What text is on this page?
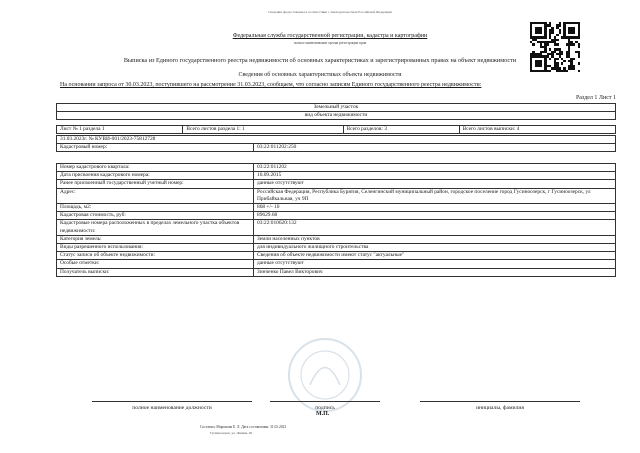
Сведения предоставлены в соответствии с законодательством Российской Федерации
Федеральная служба государственной регистрации, кадастра и картографии
полное наименование органа регистрации прав
Выписка из Единого государственного реестра недвижимости об основных характеристиках и зарегистрированных правах на объект недвижимости
Сведения об основных характеристиках объекта недвижимости
На основании запроса от 30.03.2023, поступившего на рассмотрение 31.03.2023, сообщаем, что согласно записям Единого государственного реестра недвижимости:
Раздел 1 Лист 1
Земельный участок
вид объекта недвижимости
Лист № 1 раздела 1	Всего листов раздела 1: 1	Всего разделов: 3	Всего листов выписки: 4
31.03.2023г. № КУВИ-001/2023-75812728
Кадастровый номер:	03:22:011202:250
Номер кадастрового квартала:	03:22:011202
Дата присвоения кадастрового номера:	16.09.2015
Ранее присвоенный государственный учетный номер:	данные отсутствуют
Адрес:	Российская Федерация, Республика Бурятия, Селенгинский муниципальный район, городское поселение город Гусиноозерск, г Гусиноозерск, ул Прибайкальная, уч 9П
Площадь, м2:	868 +/- 10
Кадастровая стоимость, руб:	89629.68
Кадастровые номера расположенных в пределах земельного участка объектов недвижимости:	03:22:010620:132
Категория земель:	Земли населенных пунктов
Виды разрешенного использования:	для индивидуального жилищного строительства
Статус записи об объекте недвижимости:	Сведения об объекте недвижимости имеют статус "актуальные"
Особые отметки:	данные отсутствуют
Получатель выписки:	Зинченко Павел Викторович
полное наименование должности	подпись	инициалы, фамилия
М.П.
Составил: Миронова Е. Л. Дата составления: 31.03.2023
Гусиноозерск, ул. Ленина, 20
